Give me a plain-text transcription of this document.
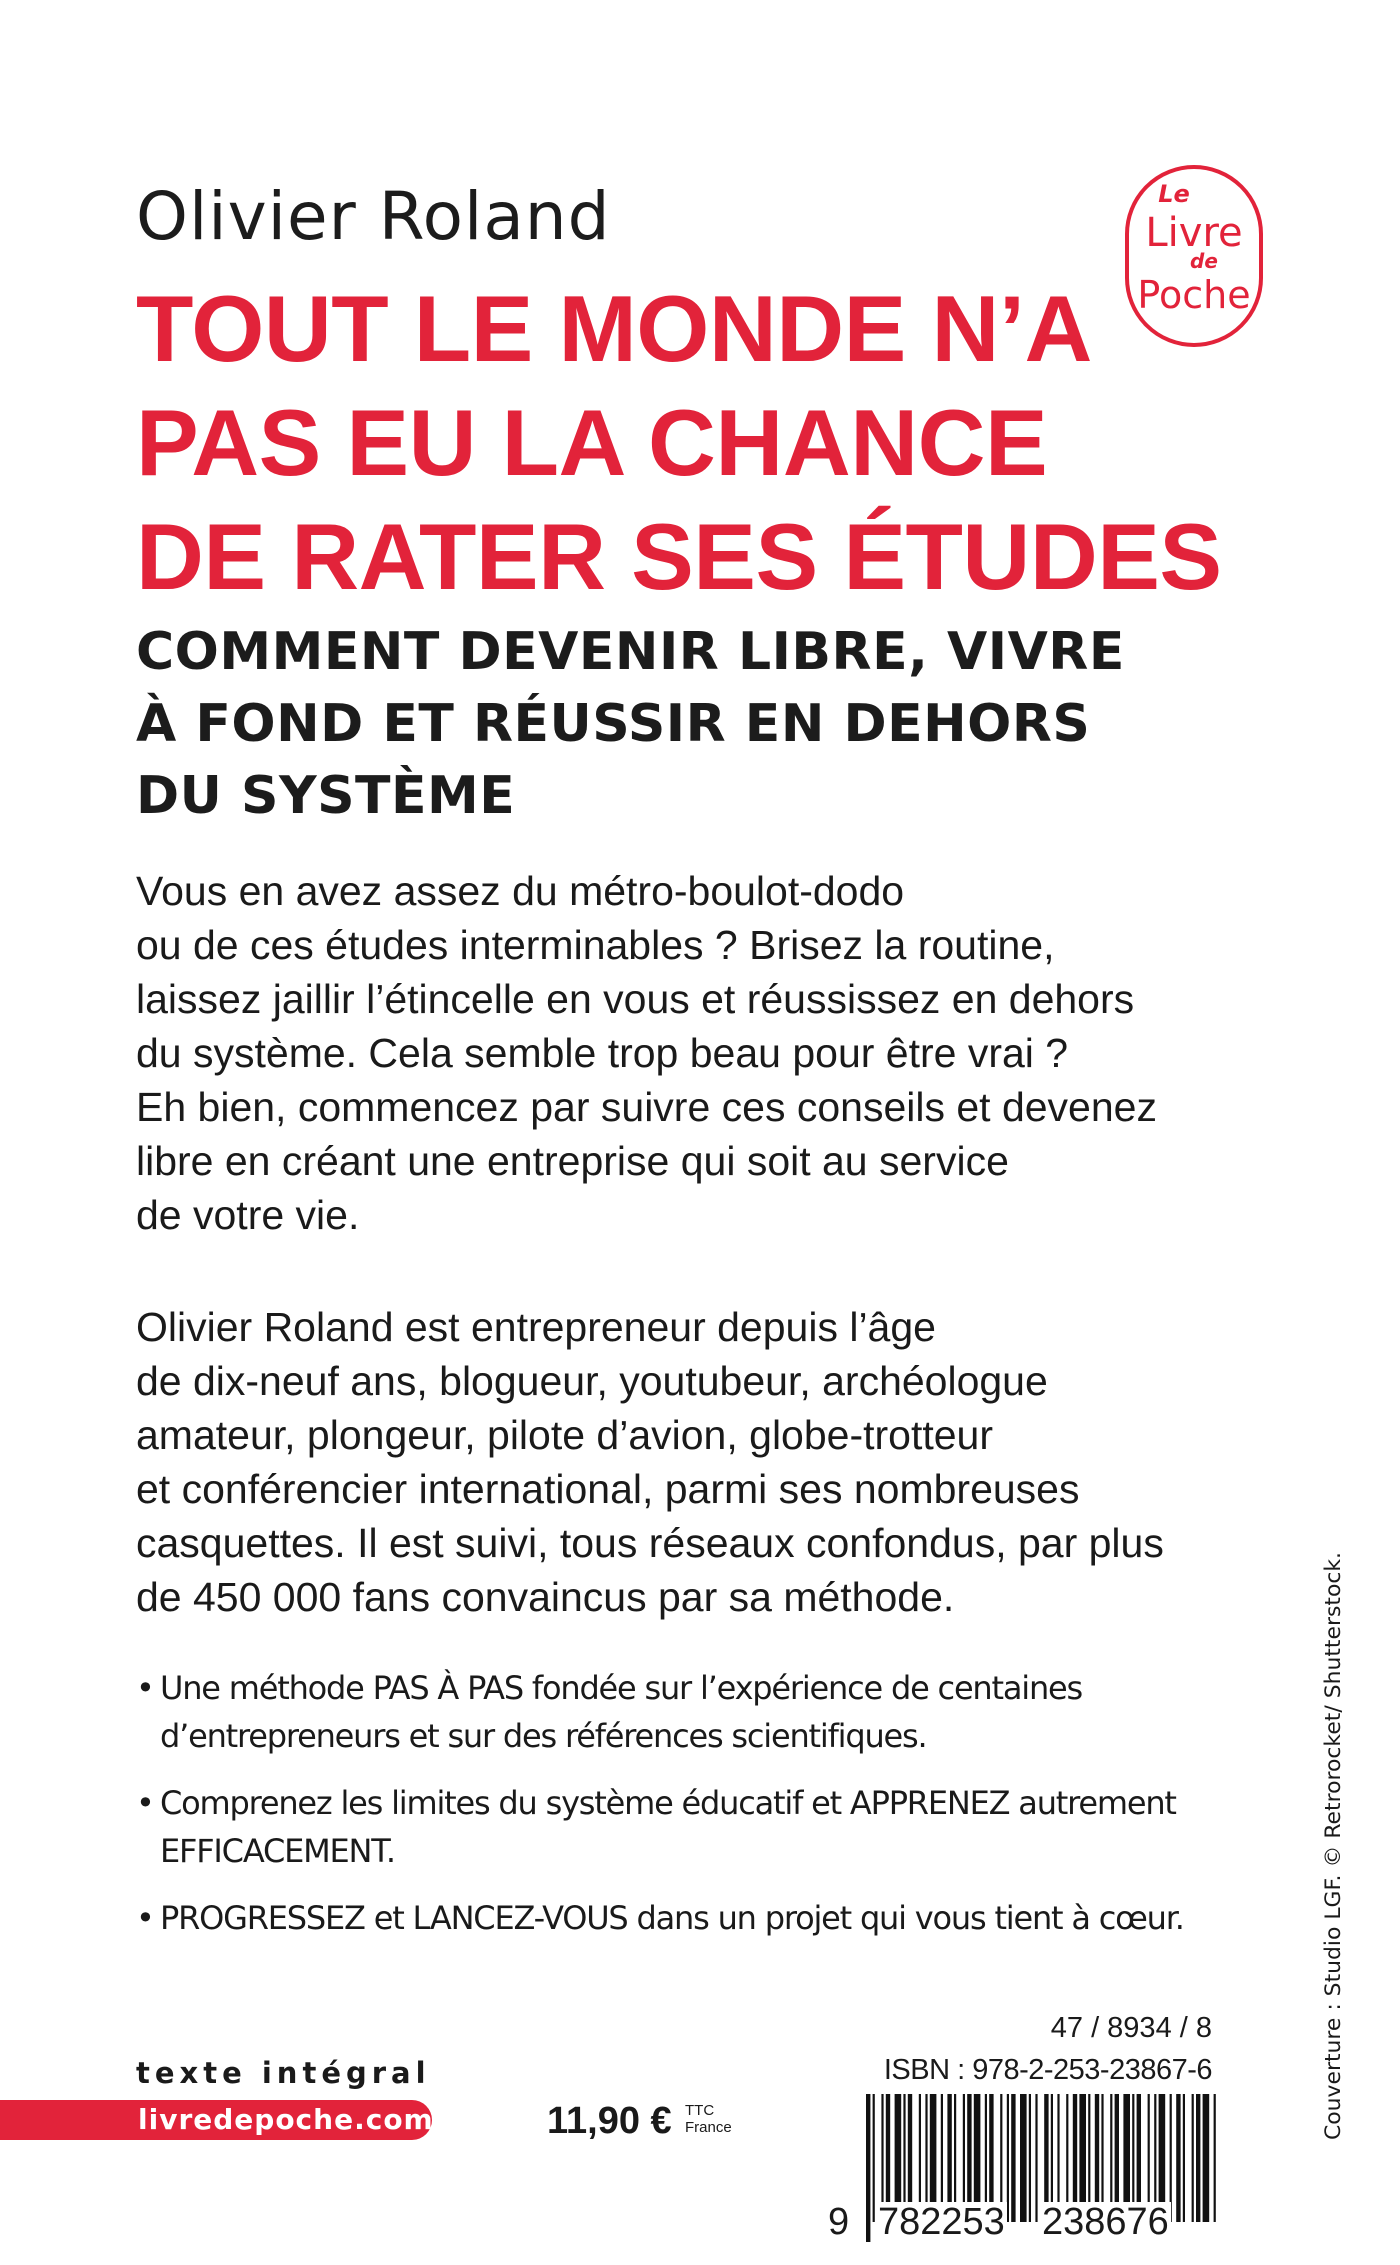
Olivier Roland	Le
Livre
de
Poche
TOUT LE MONDE N’A
PAS EU LA CHANCE
DE RATER SES ÉTUDES
COMMENT DEVENIR LIBRE, VIVRE
À FOND ET RÉUSSIR EN DEHORS
DU SYSTÈME
Vous en avez assez du métro-boulot-dodo
ou de ces études interminables ? Brisez la routine,
laissez jaillir l’étincelle en vous et réussissez en dehors
du système. Cela semble trop beau pour être vrai ?
Eh bien, commencez par suivre ces conseils et devenez
libre en créant une entreprise qui soit au service
de votre vie.
Olivier Roland est entrepreneur depuis l’âge
de dix-neuf ans, blogueur, youtubeur, archéologue
amateur, plongeur, pilote d’avion, globe-trotteur
et conférencier international, parmi ses nombreuses
casquettes. Il est suivi, tous réseaux confondus, par plus
de 450 000 fans convaincus par sa méthode.
• Une méthode PAS À PAS fondée sur l’expérience de centaines
d’entrepreneurs et sur des références scientifiques.
• Comprenez les limites du système éducatif et APPRENEZ autrement
EFFICACEMENT.
• PROGRESSEZ et LANCEZ-VOUS dans un projet qui vous tient à cœur.	Couverture : Studio LGF. © Retrorocket/ Shutterstock.
texte intégral
livredepoche.com	11,90 € TTC
France
47 / 8934 / 8
ISBN : 978-2-253-23867-6
9 782253 238676
